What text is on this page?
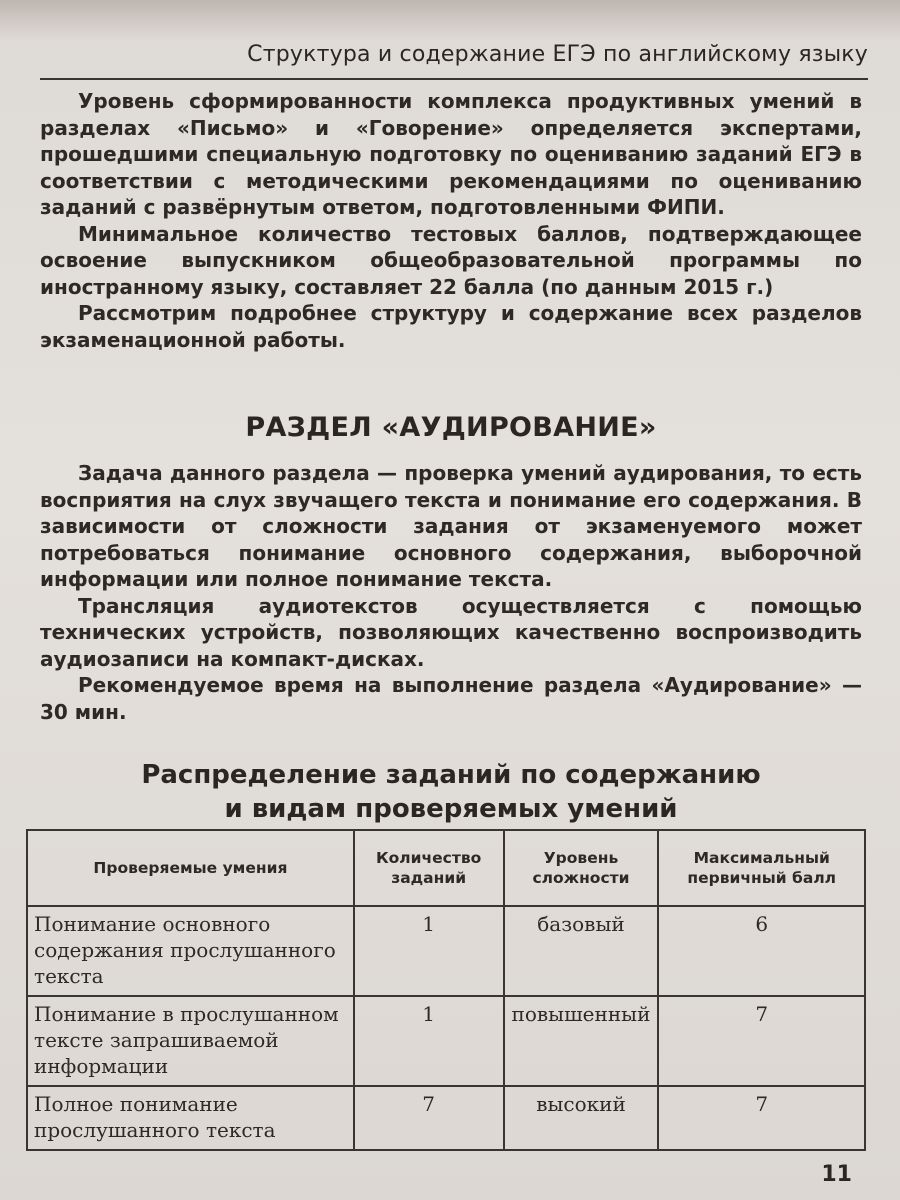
Структура и содержание ЕГЭ по английскому языку

Уровень сформированности комплекса продуктивных умений в разделах «Письмо» и «Говорение» определяется экспертами, прошедшими специальную подготовку по оцениванию заданий ЕГЭ в соответствии с методическими рекомендациями по оцениванию заданий с развёрнутым ответом, подготовленными ФИПИ.

Минимальное количество тестовых баллов, подтверждающее освоение выпускником общеобразовательной программы по иностранному языку, составляет 22 балла (по данным 2015 г.)

Рассмотрим подробнее структуру и содержание всех разделов экзаменационной работы.

РАЗДЕЛ «АУДИРОВАНИЕ»

Задача данного раздела — проверка умений аудирования, то есть восприятия на слух звучащего текста и понимание его содержания. В зависимости от сложности задания от экзаменуемого может потребоваться понимание основного содержания, выборочной информации или полное понимание текста.

Трансляция аудиотекстов осуществляется с помощью технических устройств, позволяющих качественно воспроизводить аудиозаписи на компакт-дисках.

Рекомендуемое время на выполнение раздела «Аудирование» — 30 мин.

Распределение заданий по содержанию
и видам проверяемых умений
Проверяемые умения	Количество заданий	Уровень сложности	Максимальный первичный балл
Понимание основного содержания прослушанного текста	1	базовый	6
Понимание в прослушанном тексте запрашиваемой информации	1	повышенный	7
Полное понимание прослушанного текста	7	высокий	7
11
